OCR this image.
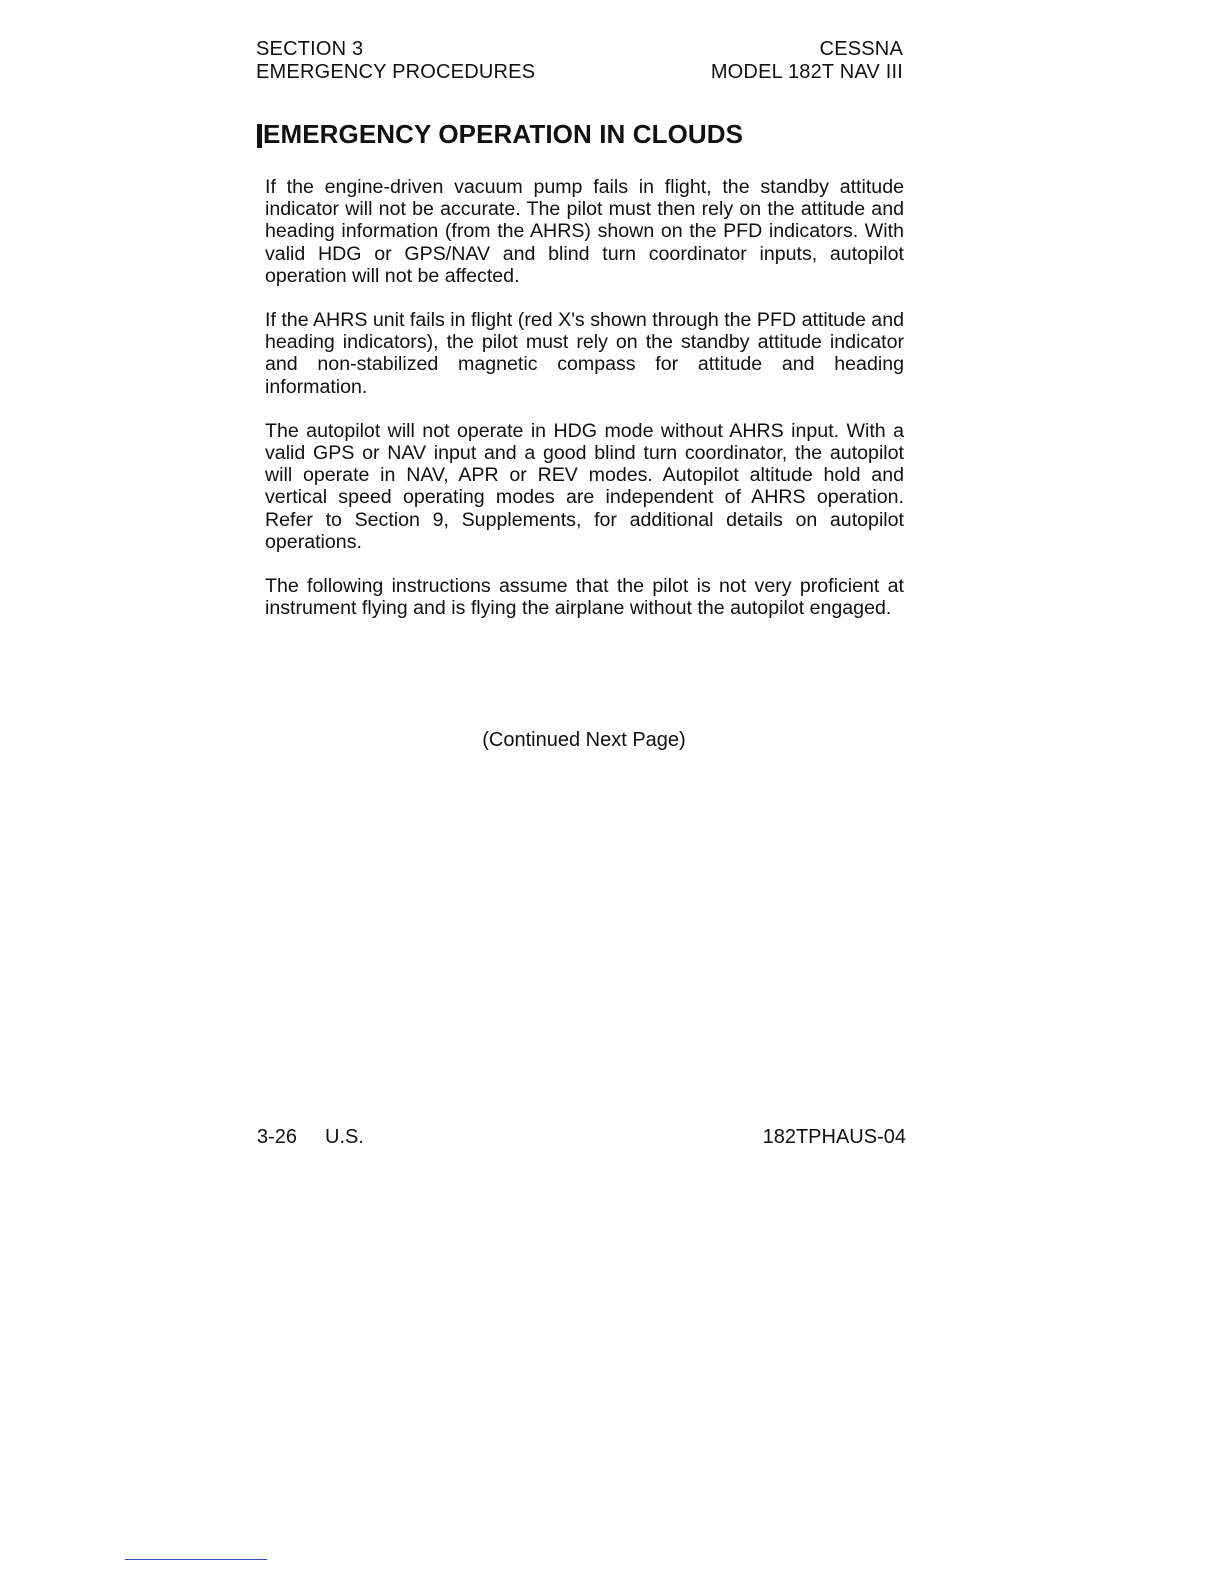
SECTION 3
EMERGENCY PROCEDURES
CESSNA
MODEL 182T NAV III
EMERGENCY OPERATION IN CLOUDS

If the engine-driven vacuum pump fails in flight, the standby attitude indicator will not be accurate. The pilot must then rely on the attitude and heading information (from the AHRS) shown on the PFD indicators. With valid HDG or GPS/NAV and blind turn coordinator inputs, autopilot operation will not be affected.

If the AHRS unit fails in flight (red X's shown through the PFD attitude and heading indicators), the pilot must rely on the standby attitude indicator and non-stabilized magnetic compass for attitude and heading information.

The autopilot will not operate in HDG mode without AHRS input. With a valid GPS or NAV input and a good blind turn coordinator, the autopilot will operate in NAV, APR or REV modes. Autopilot altitude hold and vertical speed operating modes are independent of AHRS operation. Refer to Section 9, Supplements, for additional details on autopilot operations.

The following instructions assume that the pilot is not very proficient at instrument flying and is flying the airplane without the autopilot engaged.

(Continued Next Page)
3-26 U.S.	182TPHAUS-04
